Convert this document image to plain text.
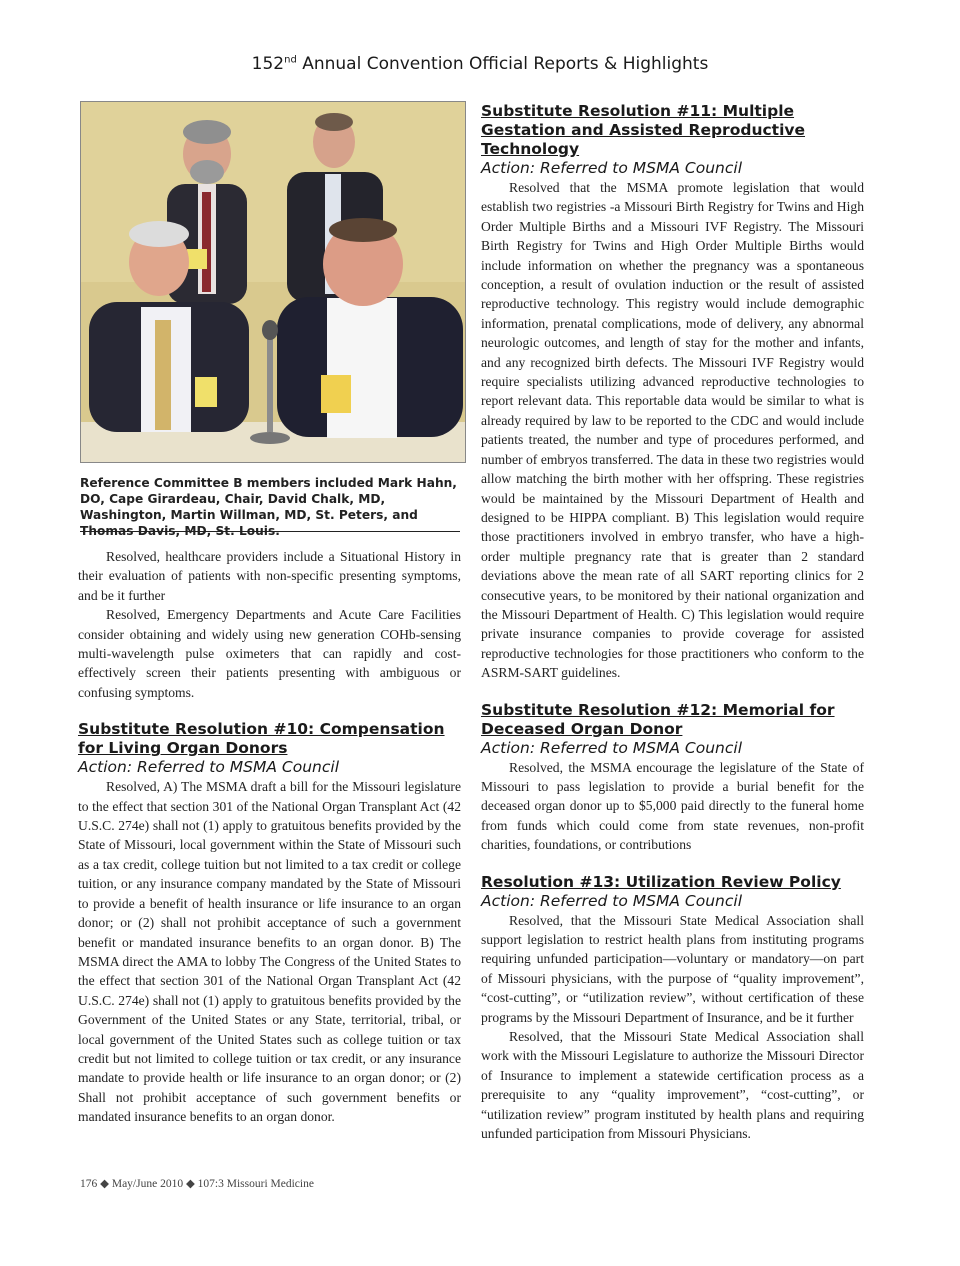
152nd Annual Convention Official Reports & Highlights
Reference Committee B members included Mark Hahn, DO, Cape Girardeau, Chair, David Chalk, MD, Washington, Martin Willman, MD, St. Peters, and Thomas Davis, MD, St. Louis.

Resolved, healthcare providers include a Situational History in their evaluation of patients with non-specific presenting symptoms, and be it further

Resolved, Emergency Departments and Acute Care Facilities consider obtaining and widely using new generation COHb-sensing multi-wavelength pulse oximeters that can rapidly and cost-effectively screen their patients presenting with ambiguous or confusing symptoms.

Substitute Resolution #10: Compensation for Living Organ Donors
Action: Referred to MSMA Council

Resolved, A) The MSMA draft a bill for the Missouri legislature to the effect that section 301 of the National Organ Transplant Act (42 U.S.C. 274e) shall not (1) apply to gratuitous benefits provided by the State of Missouri, local government within the State of Missouri such as a tax credit, college tuition but not limited to a tax credit or college tuition, or any insurance company mandated by the State of Missouri to provide a benefit of health insurance or life insurance to an organ donor; or (2) shall not prohibit acceptance of such a government benefit or mandated insurance benefits to an organ donor. B) The MSMA direct the AMA to lobby The Congress of the United States to the effect that section 301 of the National Organ Transplant Act (42 U.S.C. 274e) shall not (1) apply to gratuitous benefits provided by the Government of the United States or any State, territorial, tribal, or local government of the United States such as college tuition or tax credit but not limited to college tuition or tax credit, or any insurance mandate to provide health or life insurance to an organ donor; or (2) Shall not prohibit acceptance of such government benefits or mandated insurance benefits to an organ donor.

Substitute Resolution #11: Multiple Gestation and Assisted Reproductive Technology
Action: Referred to MSMA Council

Resolved that the MSMA promote legislation that would establish two registries -a Missouri Birth Registry for Twins and High Order Multiple Births and a Missouri IVF Registry. The Missouri Birth Registry for Twins and High Order Multiple Births would include information on whether the pregnancy was a spontaneous conception, a result of ovulation induction or the result of assisted reproductive technology. This registry would include demographic information, prenatal complications, mode of delivery, any abnormal neurologic outcomes, and length of stay for the mother and infants, and any recognized birth defects. The Missouri IVF Registry would require specialists utilizing advanced reproductive technologies to report relevant data. This reportable data would be similar to what is already required by law to be reported to the CDC and would include patients treated, the number and type of procedures performed, and number of embryos transferred. The data in these two registries would allow matching the birth mother with her offspring. These registries would be maintained by the Missouri Department of Health and designed to be HIPPA compliant. B) This legislation would require those practitioners involved in embryo transfer, who have a high-order multiple pregnancy rate that is greater than 2 standard deviations above the mean rate of all SART reporting clinics for 2 consecutive years, to be monitored by their national organization and the Missouri Department of Health. C) This legislation would require private insurance companies to provide coverage for assisted reproductive technologies for those practitioners who conform to the ASRM-SART guidelines.

Substitute Resolution #12: Memorial for Deceased Organ Donor
Action: Referred to MSMA Council

Resolved, the MSMA encourage the legislature of the State of Missouri to pass legislation to provide a burial benefit for the deceased organ donor up to $5,000 paid directly to the funeral home from funds which could come from state revenues, non-profit charities, foundations, or contributions

Resolution #13: Utilization Review Policy
Action: Referred to MSMA Council

Resolved, that the Missouri State Medical Association shall support legislation to restrict health plans from instituting programs requiring unfunded participation—voluntary or mandatory—on part of Missouri physicians, with the purpose of “quality improvement”, “cost-cutting”, or “utilization review”, without certification of these programs by the Missouri Department of Insurance, and be it further

Resolved, that the Missouri State Medical Association shall work with the Missouri Legislature to authorize the Missouri Director of Insurance to implement a statewide certification process as a prerequisite to any “quality improvement”, “cost-cutting”, or “utilization review” program instituted by health plans and requiring unfunded participation from Missouri Physicians.

176 ◆ May/June 2010 ◆ 107:3 Missouri Medicine
